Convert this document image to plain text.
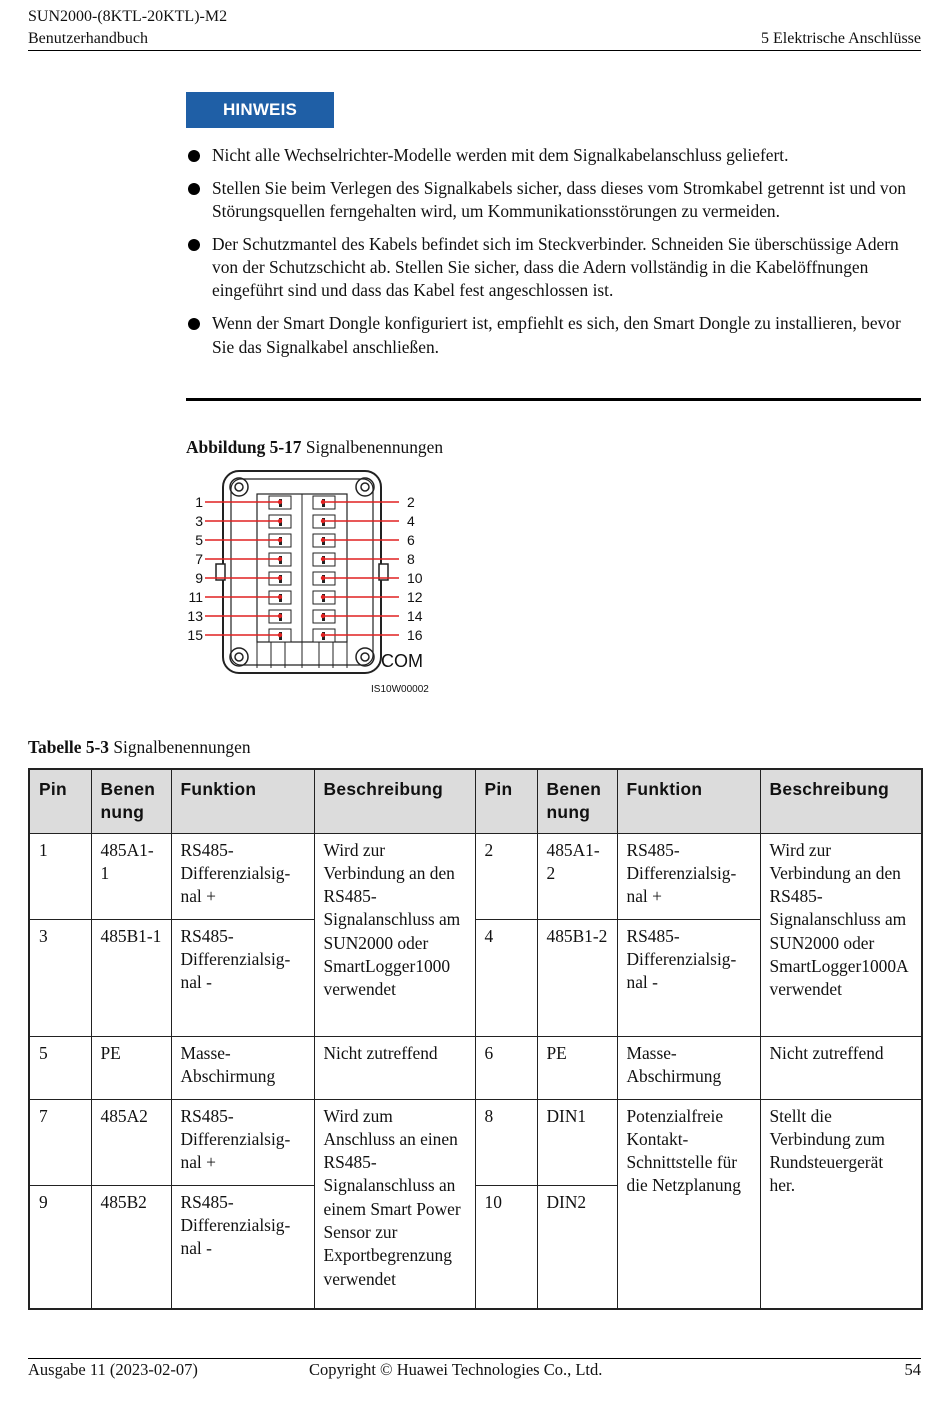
SUN2000-(8KTL-20KTL)-M2
Benutzerhandbuch	5 Elektrische Anschlüsse
HINWEIS
Nicht alle Wechselrichter-Modelle werden mit dem Signalkabelanschluss geliefert.
Stellen Sie beim Verlegen des Signalkabels sicher, dass dieses vom Stromkabel getrennt ist und von Störungsquellen ferngehalten wird, um Kommunikationsstörungen zu vermeiden.
Der Schutzmantel des Kabels befindet sich im Steckverbinder. Schneiden Sie überschüssige Adern von der Schutzschicht ab. Stellen Sie sicher, dass die Adern vollständig in die Kabelöffnungen eingeführt sind und dass das Kabel fest angeschlossen ist.
Wenn der Smart Dongle konfiguriert ist, empfiehlt es sich, den Smart Dongle zu installieren, bevor Sie das Signalkabel anschließen.
Abbildung 5-17 Signalbenennungen
1
3
5
7
9
11
13
15
2
4
6
8
10
12
14
16
COM
IS10W00002
Tabelle 5-3 Signalbenennungen
Pin	Benen nung	Funktion	Beschreibung	Pin	Benen nung	Funktion	Beschreibung
1	485A1-1	RS485-Differenzialsig-nal +	Wird zur Verbindung an den RS485-Signalanschluss am SUN2000 oder SmartLogger1000 verwendet	2	485A1-2	RS485-Differenzialsig-nal +	Wird zur Verbindung an den RS485-Signalanschluss am SUN2000 oder SmartLogger1000A verwendet
3	485B1-1	RS485-Differenzialsig-nal -		4	485B1-2	RS485-Differenzialsig-nal -	
5	PE	Masse-Abschirmung	Nicht zutreffend	6	PE	Masse-Abschirmung	Nicht zutreffend
7	485A2	RS485-Differenzialsig-nal +	Wird zum Anschluss an einen RS485-Signalanschluss an einem Smart Power Sensor zur Exportbegrenzung verwendet	8	DIN1	Potenzialfreie Kontakt-Schnittstelle für die Netzplanung	Stellt die Verbindung zum Rundsteuergerät her.
9	485B2	RS485-Differenzialsig-nal -		10	DIN2		
Ausgabe 11 (2023-02-07)	Copyright © Huawei Technologies Co., Ltd.	54
